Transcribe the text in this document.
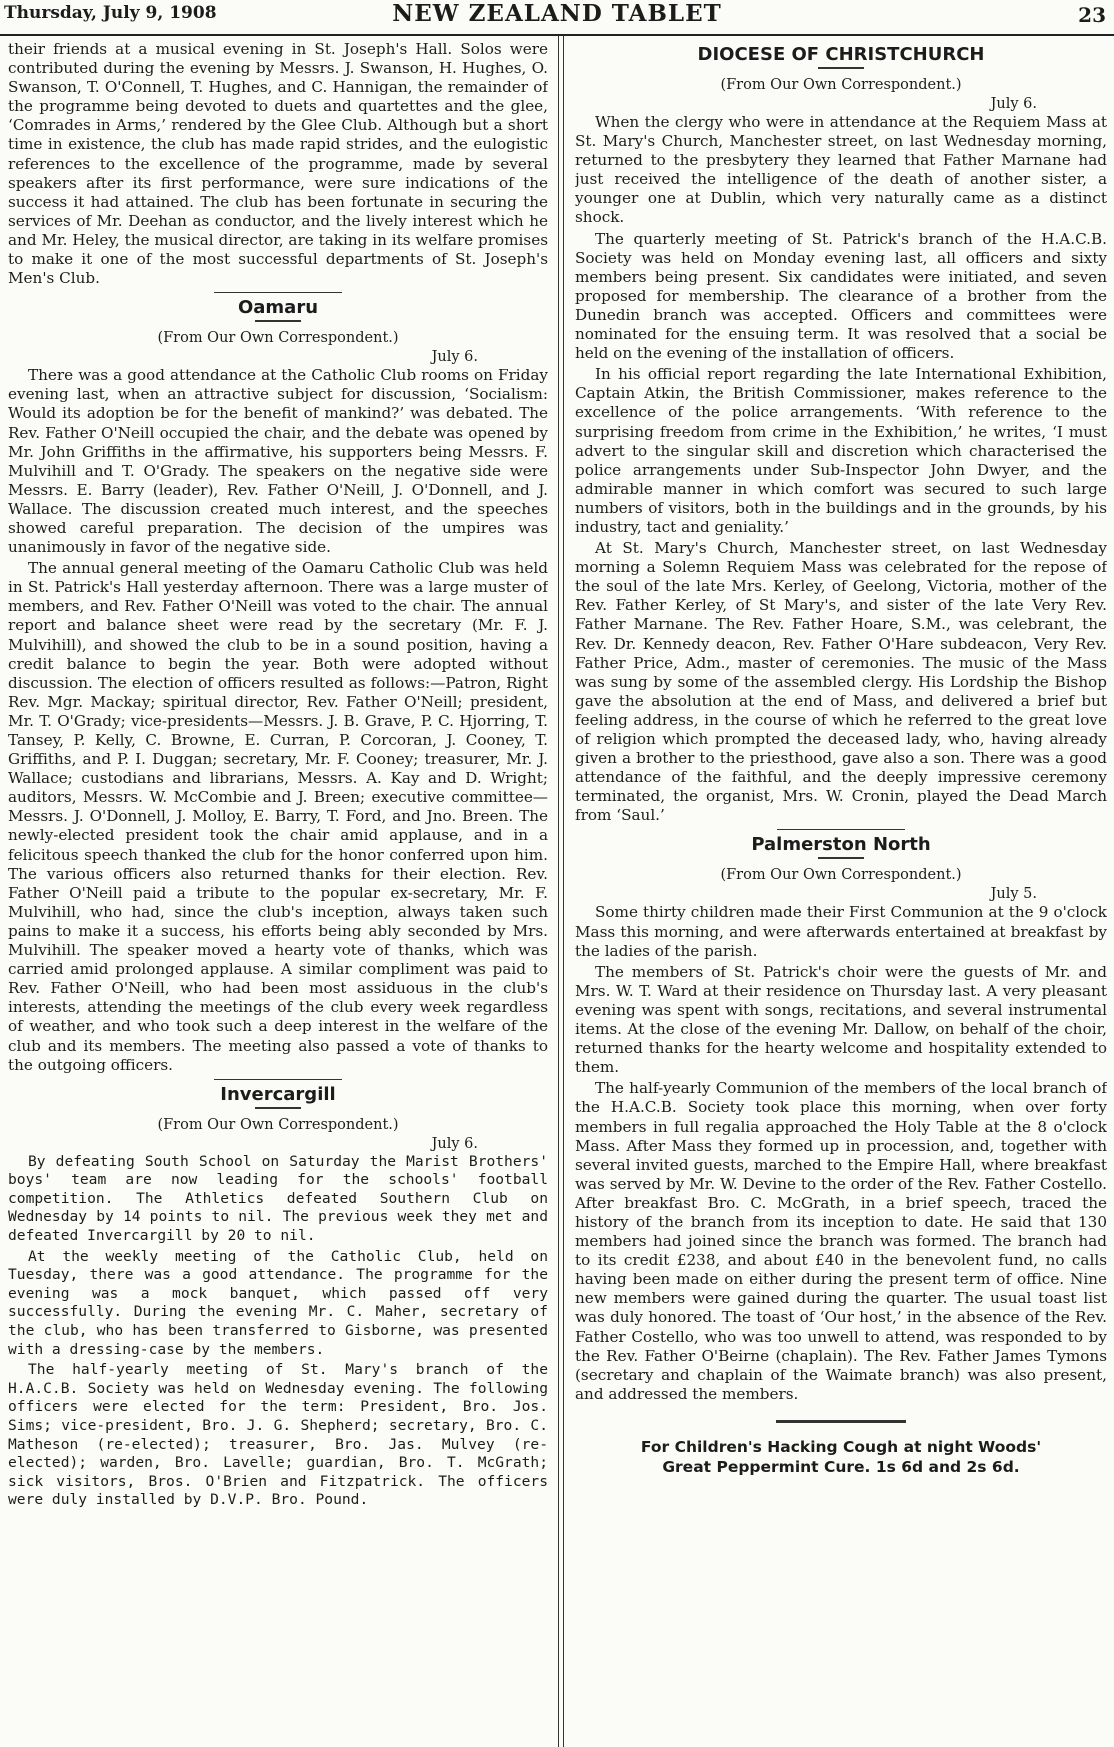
Thursday, July 9, 1908	NEW ZEALAND TABLET	23

their friends at a musical evening in St. Joseph's Hall. Solos were contributed during the evening by Messrs. J. Swanson, H. Hughes, O. Swanson, T. O'Connell, T. Hughes, and C. Hannigan, the remainder of the programme being devoted to duets and quartettes and the glee, ‘Comrades in Arms,’ rendered by the Glee Club. Although but a short time in existence, the club has made rapid strides, and the eulogistic references to the excellence of the programme, made by several speakers after its first performance, were sure indications of the success it had attained. The club has been fortunate in securing the services of Mr. Deehan as conductor, and the lively interest which he and Mr. Heley, the musical director, are taking in its welfare promises to make it one of the most successful departments of St. Joseph's Men's Club.

Oamaru
(From Our Own Correspondent.)
July 6.

There was a good attendance at the Catholic Club rooms on Friday evening last, when an attractive subject for discussion, ‘Socialism: Would its adoption be for the benefit of mankind?’ was debated. The Rev. Father O'Neill occupied the chair, and the debate was opened by Mr. John Griffiths in the affirmative, his supporters being Messrs. F. Mulvihill and T. O'Grady. The speakers on the negative side were Messrs. E. Barry (leader), Rev. Father O'Neill, J. O'Donnell, and J. Wallace. The discussion created much interest, and the speeches showed careful preparation. The decision of the umpires was unanimously in favor of the negative side.

The annual general meeting of the Oamaru Catholic Club was held in St. Patrick's Hall yesterday afternoon. There was a large muster of members, and Rev. Father O'Neill was voted to the chair. The annual report and balance sheet were read by the secretary (Mr. F. J. Mulvihill), and showed the club to be in a sound position, having a credit balance to begin the year. Both were adopted without discussion. The election of officers resulted as follows:—Patron, Right Rev. Mgr. Mackay; spiritual director, Rev. Father O'Neill; president, Mr. T. O'Grady; vice-presidents—Messrs. J. B. Grave, P. C. Hjorring, T. Tansey, P. Kelly, C. Browne, E. Curran, P. Corcoran, J. Cooney, T. Griffiths, and P. I. Duggan; secretary, Mr. F. Cooney; treasurer, Mr. J. Wallace; custodians and librarians, Messrs. A. Kay and D. Wright; auditors, Messrs. W. McCombie and J. Breen; executive committee—Messrs. J. O'Donnell, J. Molloy, E. Barry, T. Ford, and Jno. Breen. The newly-elected president took the chair amid applause, and in a felicitous speech thanked the club for the honor conferred upon him. The various officers also returned thanks for their election. Rev. Father O'Neill paid a tribute to the popular ex-secretary, Mr. F. Mulvihill, who had, since the club's inception, always taken such pains to make it a success, his efforts being ably seconded by Mrs. Mulvihill. The speaker moved a hearty vote of thanks, which was carried amid prolonged applause. A similar compliment was paid to Rev. Father O'Neill, who had been most assiduous in the club's interests, attending the meetings of the club every week regardless of weather, and who took such a deep interest in the welfare of the club and its members. The meeting also passed a vote of thanks to the outgoing officers.

Invercargill
(From Our Own Correspondent.)
July 6.

By defeating South School on Saturday the Marist Brothers' boys' team are now leading for the schools' football competition. The Athletics defeated Southern Club on Wednesday by 14 points to nil. The previous week they met and defeated Invercargill by 20 to nil.

At the weekly meeting of the Catholic Club, held on Tuesday, there was a good attendance. The programme for the evening was a mock banquet, which passed off very successfully. During the evening Mr. C. Maher, secretary of the club, who has been transferred to Gisborne, was presented with a dressing-case by the members.

The half-yearly meeting of St. Mary's branch of the H.A.C.B. Society was held on Wednesday evening. The following officers were elected for the term: President, Bro. Jos. Sims; vice-president, Bro. J. G. Shepherd; secretary, Bro. C. Matheson (re-elected); treasurer, Bro. Jas. Mulvey (re-elected); warden, Bro. Lavelle; guardian, Bro. T. McGrath; sick visitors, Bros. O'Brien and Fitzpatrick. The officers were duly installed by D.V.P. Bro. Pound.

DIOCESE OF CHRISTCHURCH
(From Our Own Correspondent.)
July 6.

When the clergy who were in attendance at the Requiem Mass at St. Mary's Church, Manchester street, on last Wednesday morning, returned to the presbytery they learned that Father Marnane had just received the intelligence of the death of another sister, a younger one at Dublin, which very naturally came as a distinct shock.

The quarterly meeting of St. Patrick's branch of the H.A.C.B. Society was held on Monday evening last, all officers and sixty members being present. Six candidates were initiated, and seven proposed for membership. The clearance of a brother from the Dunedin branch was accepted. Officers and committees were nominated for the ensuing term. It was resolved that a social be held on the evening of the installation of officers.

In his official report regarding the late International Exhibition, Captain Atkin, the British Commissioner, makes reference to the excellence of the police arrangements. ‘With reference to the surprising freedom from crime in the Exhibition,’ he writes, ‘I must advert to the singular skill and discretion which characterised the police arrangements under Sub-Inspector John Dwyer, and the admirable manner in which comfort was secured to such large numbers of visitors, both in the buildings and in the grounds, by his industry, tact and geniality.’

At St. Mary's Church, Manchester street, on last Wednesday morning a Solemn Requiem Mass was celebrated for the repose of the soul of the late Mrs. Kerley, of Geelong, Victoria, mother of the Rev. Father Kerley, of St Mary's, and sister of the late Very Rev. Father Marnane. The Rev. Father Hoare, S.M., was celebrant, the Rev. Dr. Kennedy deacon, Rev. Father O'Hare subdeacon, Very Rev. Father Price, Adm., master of ceremonies. The music of the Mass was sung by some of the assembled clergy. His Lordship the Bishop gave the absolution at the end of Mass, and delivered a brief but feeling address, in the course of which he referred to the great love of religion which prompted the deceased lady, who, having already given a brother to the priesthood, gave also a son. There was a good attendance of the faithful, and the deeply impressive ceremony terminated, the organist, Mrs. W. Cronin, played the Dead March from ‘Saul.’

Palmerston North
(From Our Own Correspondent.)
July 5.

Some thirty children made their First Communion at the 9 o'clock Mass this morning, and were afterwards entertained at breakfast by the ladies of the parish.

The members of St. Patrick's choir were the guests of Mr. and Mrs. W. T. Ward at their residence on Thursday last. A very pleasant evening was spent with songs, recitations, and several instrumental items. At the close of the evening Mr. Dallow, on behalf of the choir, returned thanks for the hearty welcome and hospitality extended to them.

The half-yearly Communion of the members of the local branch of the H.A.C.B. Society took place this morning, when over forty members in full regalia approached the Holy Table at the 8 o'clock Mass. After Mass they formed up in procession, and, together with several invited guests, marched to the Empire Hall, where breakfast was served by Mr. W. Devine to the order of the Rev. Father Costello. After breakfast Bro. C. McGrath, in a brief speech, traced the history of the branch from its inception to date. He said that 130 members had joined since the branch was formed. The branch had to its credit £238, and about £40 in the benevolent fund, no calls having been made on either during the present term of office. Nine new members were gained during the quarter. The usual toast list was duly honored. The toast of ‘Our host,’ in the absence of the Rev. Father Costello, who was too unwell to attend, was responded to by the Rev. Father O'Beirne (chaplain). The Rev. Father James Tymons (secretary and chaplain of the Waimate branch) was also present, and addressed the members.

For Children's Hacking Cough at night Woods'
Great Peppermint Cure. 1s 6d and 2s 6d.
